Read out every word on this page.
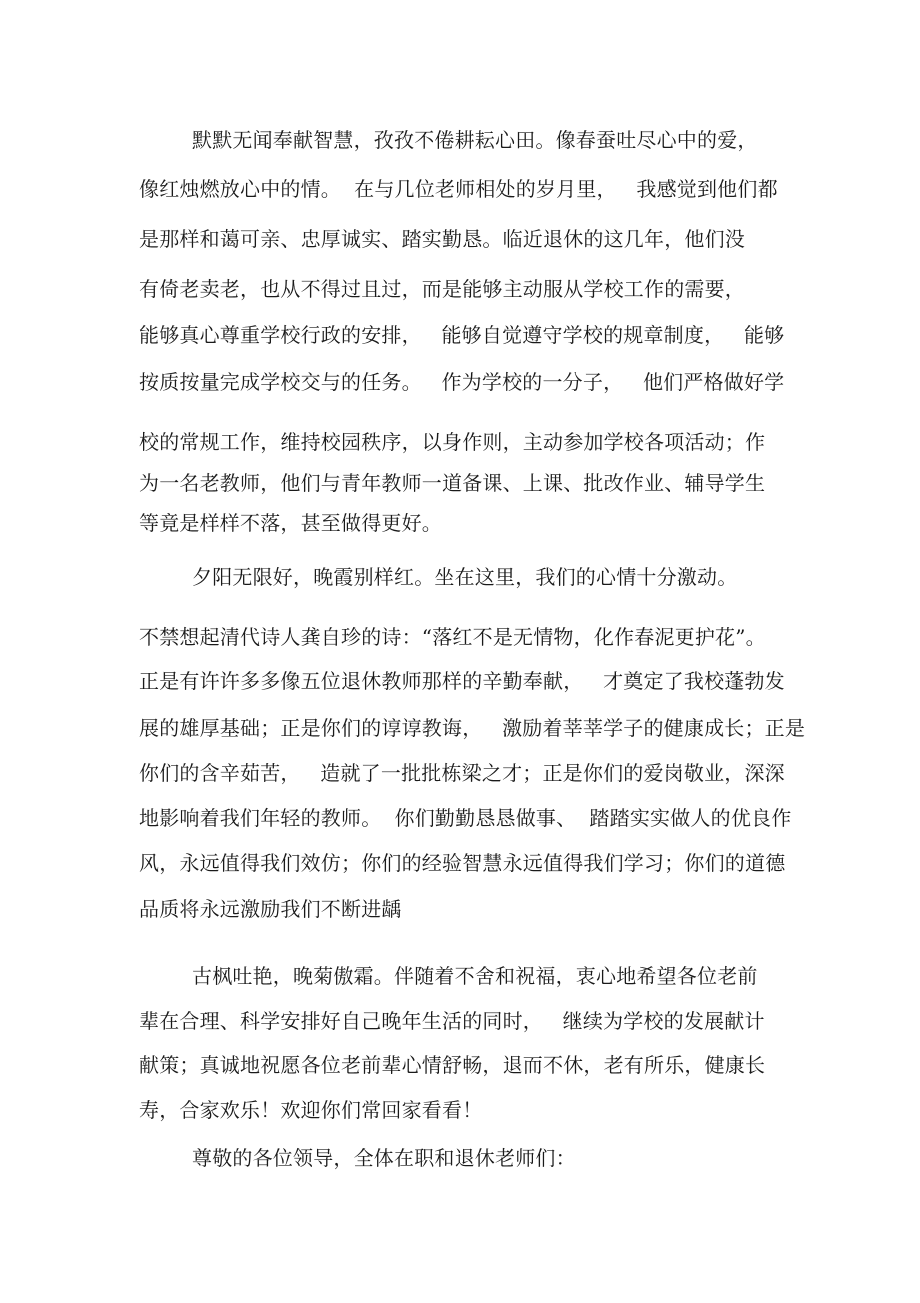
默默无闻奉献智慧，孜孜不倦耕耘心田。像春蚕吐尽心中的爱，
像红烛燃放心中的情。  在与几位老师相处的岁月里，   我感觉到他们都
是那样和蔼可亲、忠厚诚实、踏实勤恳。临近退休的这几年，他们没
有倚老卖老，也从不得过且过，而是能够主动服从学校工作的需要，
能够真心尊重学校行政的安排，   能够自觉遵守学校的规章制度，   能够
按质按量完成学校交与的任务。   作为学校的一分子，   他们严格做好学
校的常规工作，维持校园秩序，以身作则，主动参加学校各项活动；作
为一名老教师，他们与青年教师一道备课、上课、批改作业、辅导学生
等竟是样样不落，甚至做得更好。
夕阳无限好，晚霞别样红。坐在这里，我们的心情十分激动。
不禁想起清代诗人龚自珍的诗：“落红不是无情物，化作春泥更护花”。
正是有许许多多像五位退休教师那样的辛勤奉献，   才奠定了我校蓬勃发
展的雄厚基础；正是你们的谆谆教诲，   激励着莘莘学子的健康成长；正是
你们的含辛茹苦，   造就了一批批栋梁之才；正是你们的爱岗敬业，深深
地影响着我们年轻的教师。  你们勤勤恳恳做事、  踏踏实实做人的优良作
风，永远值得我们效仿；你们的经验智慧永远值得我们学习；你们的道德
品质将永远激励我们不断进龋
古枫吐艳，晚菊傲霜。伴随着不舍和祝福，衷心地希望各位老前
辈在合理、科学安排好自己晚年生活的同时，   继续为学校的发展献计
献策；真诚地祝愿各位老前辈心情舒畅，退而不休，老有所乐，健康长
寿，合家欢乐！欢迎你们常回家看看！
尊敬的各位领导，全体在职和退休老师们：
